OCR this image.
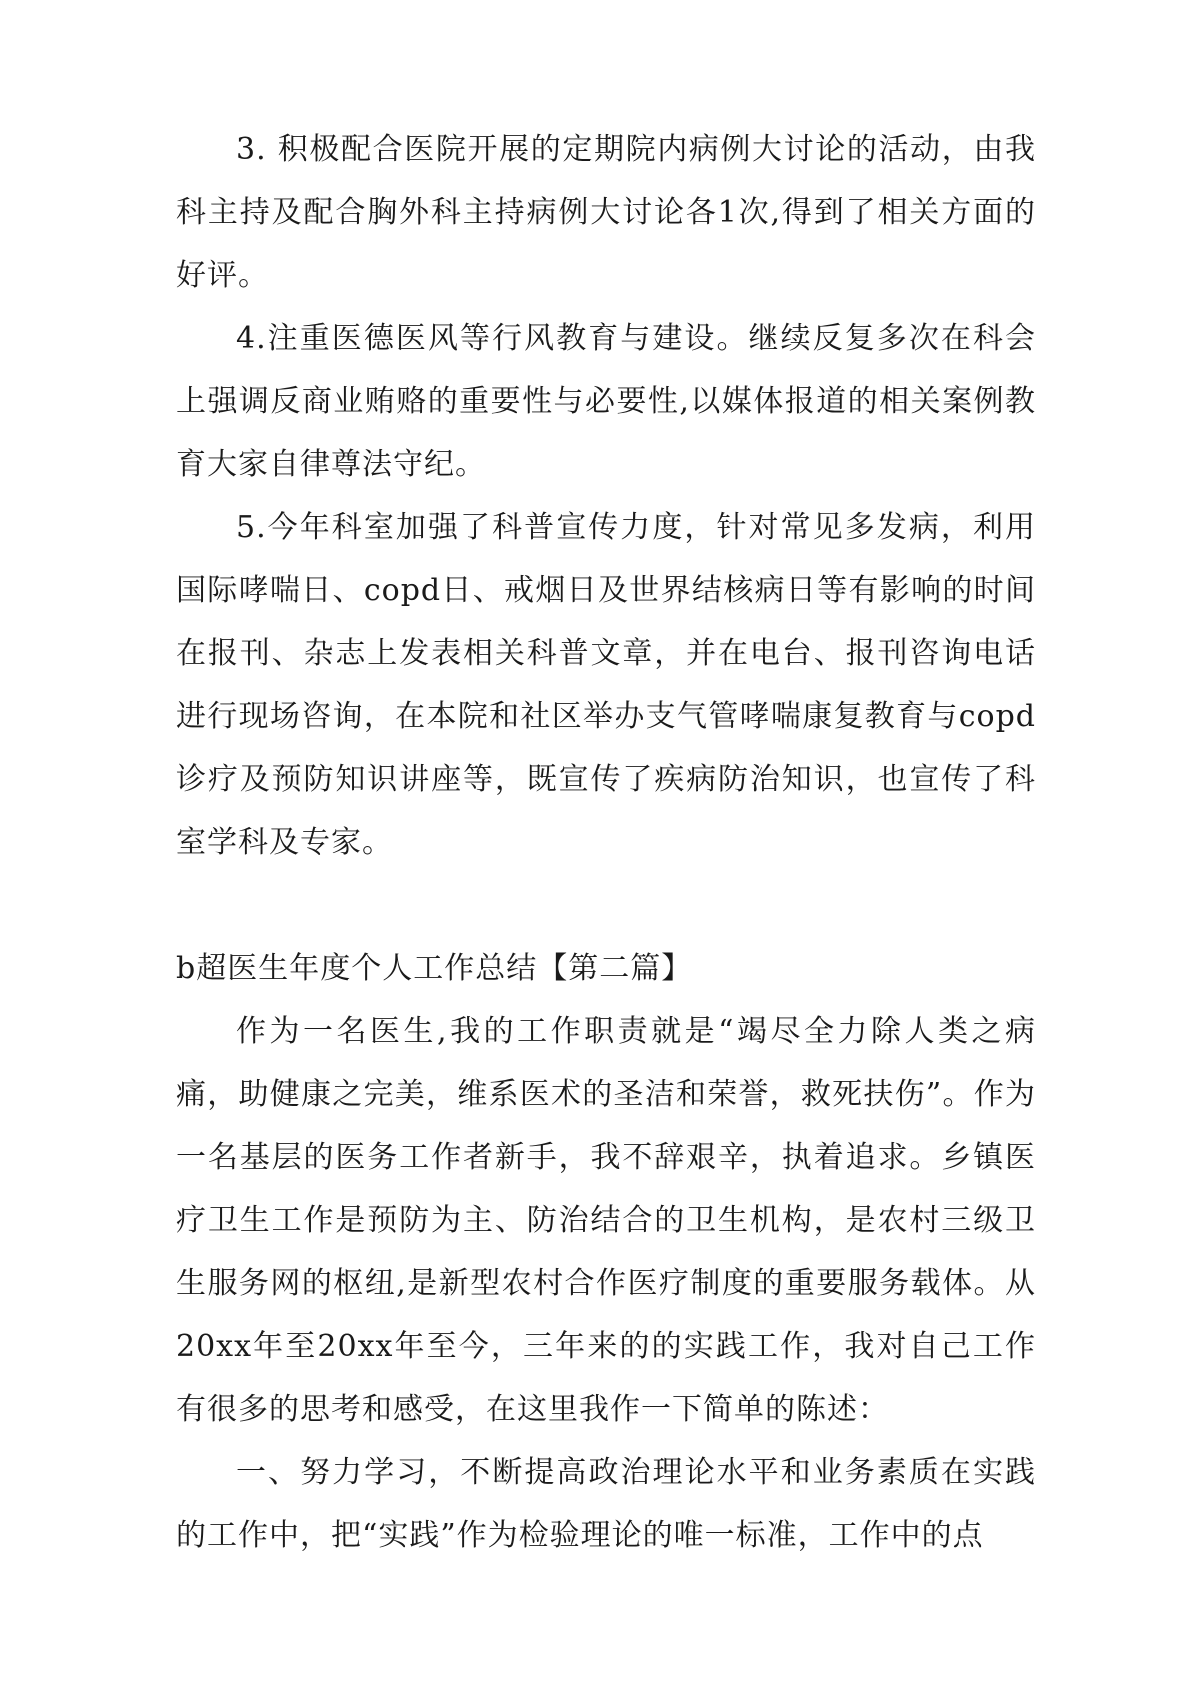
3. 积极配合医院开展的定期院内病例大讨论的活动，由我科主持及配合胸外科主持病例大讨论各1次,得到了相关方面的好评。

4.注重医德医风等行风教育与建设。继续反复多次在科会上强调反商业贿赂的重要性与必要性,以媒体报道的相关案例教育大家自律尊法守纪。

5.今年科室加强了科普宣传力度，针对常见多发病，利用国际哮喘日、copd日、戒烟日及世界结核病日等有影响的时间在报刊、杂志上发表相关科普文章，并在电台、报刊咨询电话进行现场咨询，在本院和社区举办支气管哮喘康复教育与copd诊疗及预防知识讲座等，既宣传了疾病防治知识，也宣传了科室学科及专家。

b超医生年度个人工作总结【第二篇】

作为一名医生,我的工作职责就是“竭尽全力除人类之病痛，助健康之完美，维系医术的圣洁和荣誉，救死扶伤”。作为一名基层的医务工作者新手，我不辞艰辛，执着追求。乡镇医疗卫生工作是预防为主、防治结合的卫生机构，是农村三级卫生服务网的枢纽,是新型农村合作医疗制度的重要服务载体。从20xx年至20xx年至今，三年来的的实践工作，我对自己工作有很多的思考和感受，在这里我作一下简单的陈述：

一、努力学习，不断提高政治理论水平和业务素质在实践的工作中，把“实践”作为检验理论的唯一标准，工作中的点
